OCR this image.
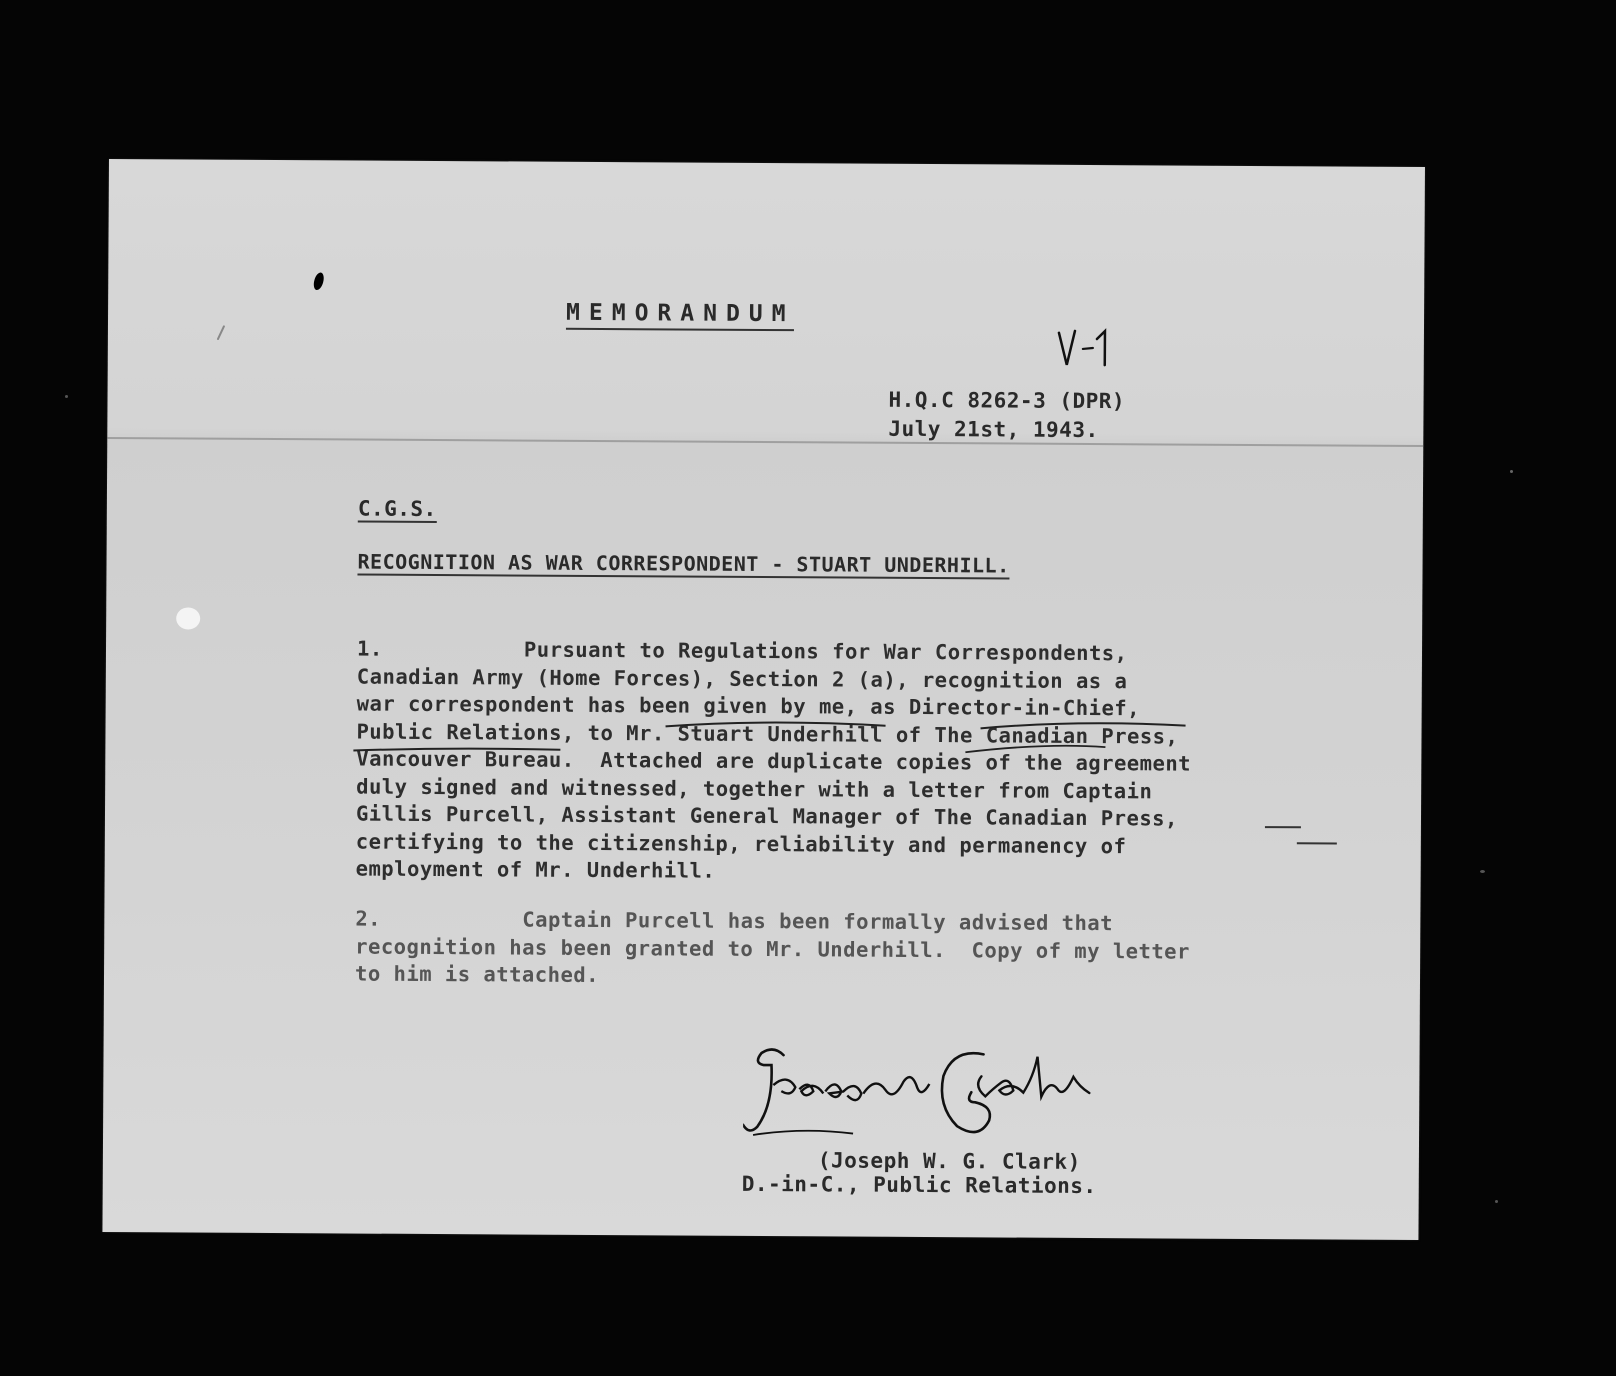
MEMORANDUM
H.Q.C 8262-3 (DPR)
July 21st, 1943.
C.G.S.
RECOGNITION AS WAR CORRESPONDENT - STUART UNDERHILL.
1.           Pursuant to Regulations for War Correspondents,
Canadian Army (Home Forces), Section 2 (a), recognition as a
war correspondent has been given by me, as Director-in-Chief,
Public Relations, to Mr. Stuart Underhill of The Canadian Press,
Vancouver Bureau.  Attached are duplicate copies of the agreement
duly signed and witnessed, together with a letter from Captain
Gillis Purcell, Assistant General Manager of The Canadian Press,
certifying to the citizenship, reliability and permanency of
employment of Mr. Underhill.
2.           Captain Purcell has been formally advised that
recognition has been granted to Mr. Underhill.  Copy of my letter
to him is attached.
(Joseph W. G. Clark)
D.-in-C., Public Relations.
